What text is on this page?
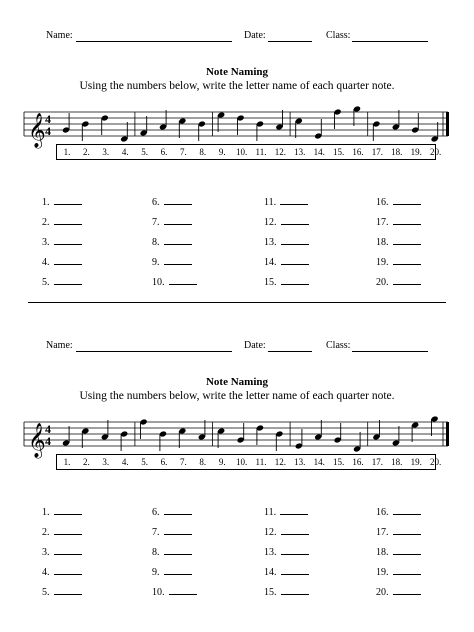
Name:	Date:	Class:
Note Naming
Using the numbers below, write the letter name of each quarter note.
𝄞 4
4
1. 2. 3. 4. 5. 6. 7. 8. 9. 10. 11. 12. 13. 14. 15. 16. 17. 18. 19. 20.
1.
2.
3.
4.
5.
6.
7.
8.
9.
10.
11.
12.
13.
14.
15.
16.
17.
18.
19.
20.
Name:	Date:	Class:
Note Naming
Using the numbers below, write the letter name of each quarter note.
𝄞 4
4
1. 2. 3. 4. 5. 6. 7. 8. 9. 10. 11. 12. 13. 14. 15. 16. 17. 18. 19. 20.
1.
2.
3.
4.
5.
6.
7.
8.
9.
10.
11.
12.
13.
14.
15.
16.
17.
18.
19.
20.
